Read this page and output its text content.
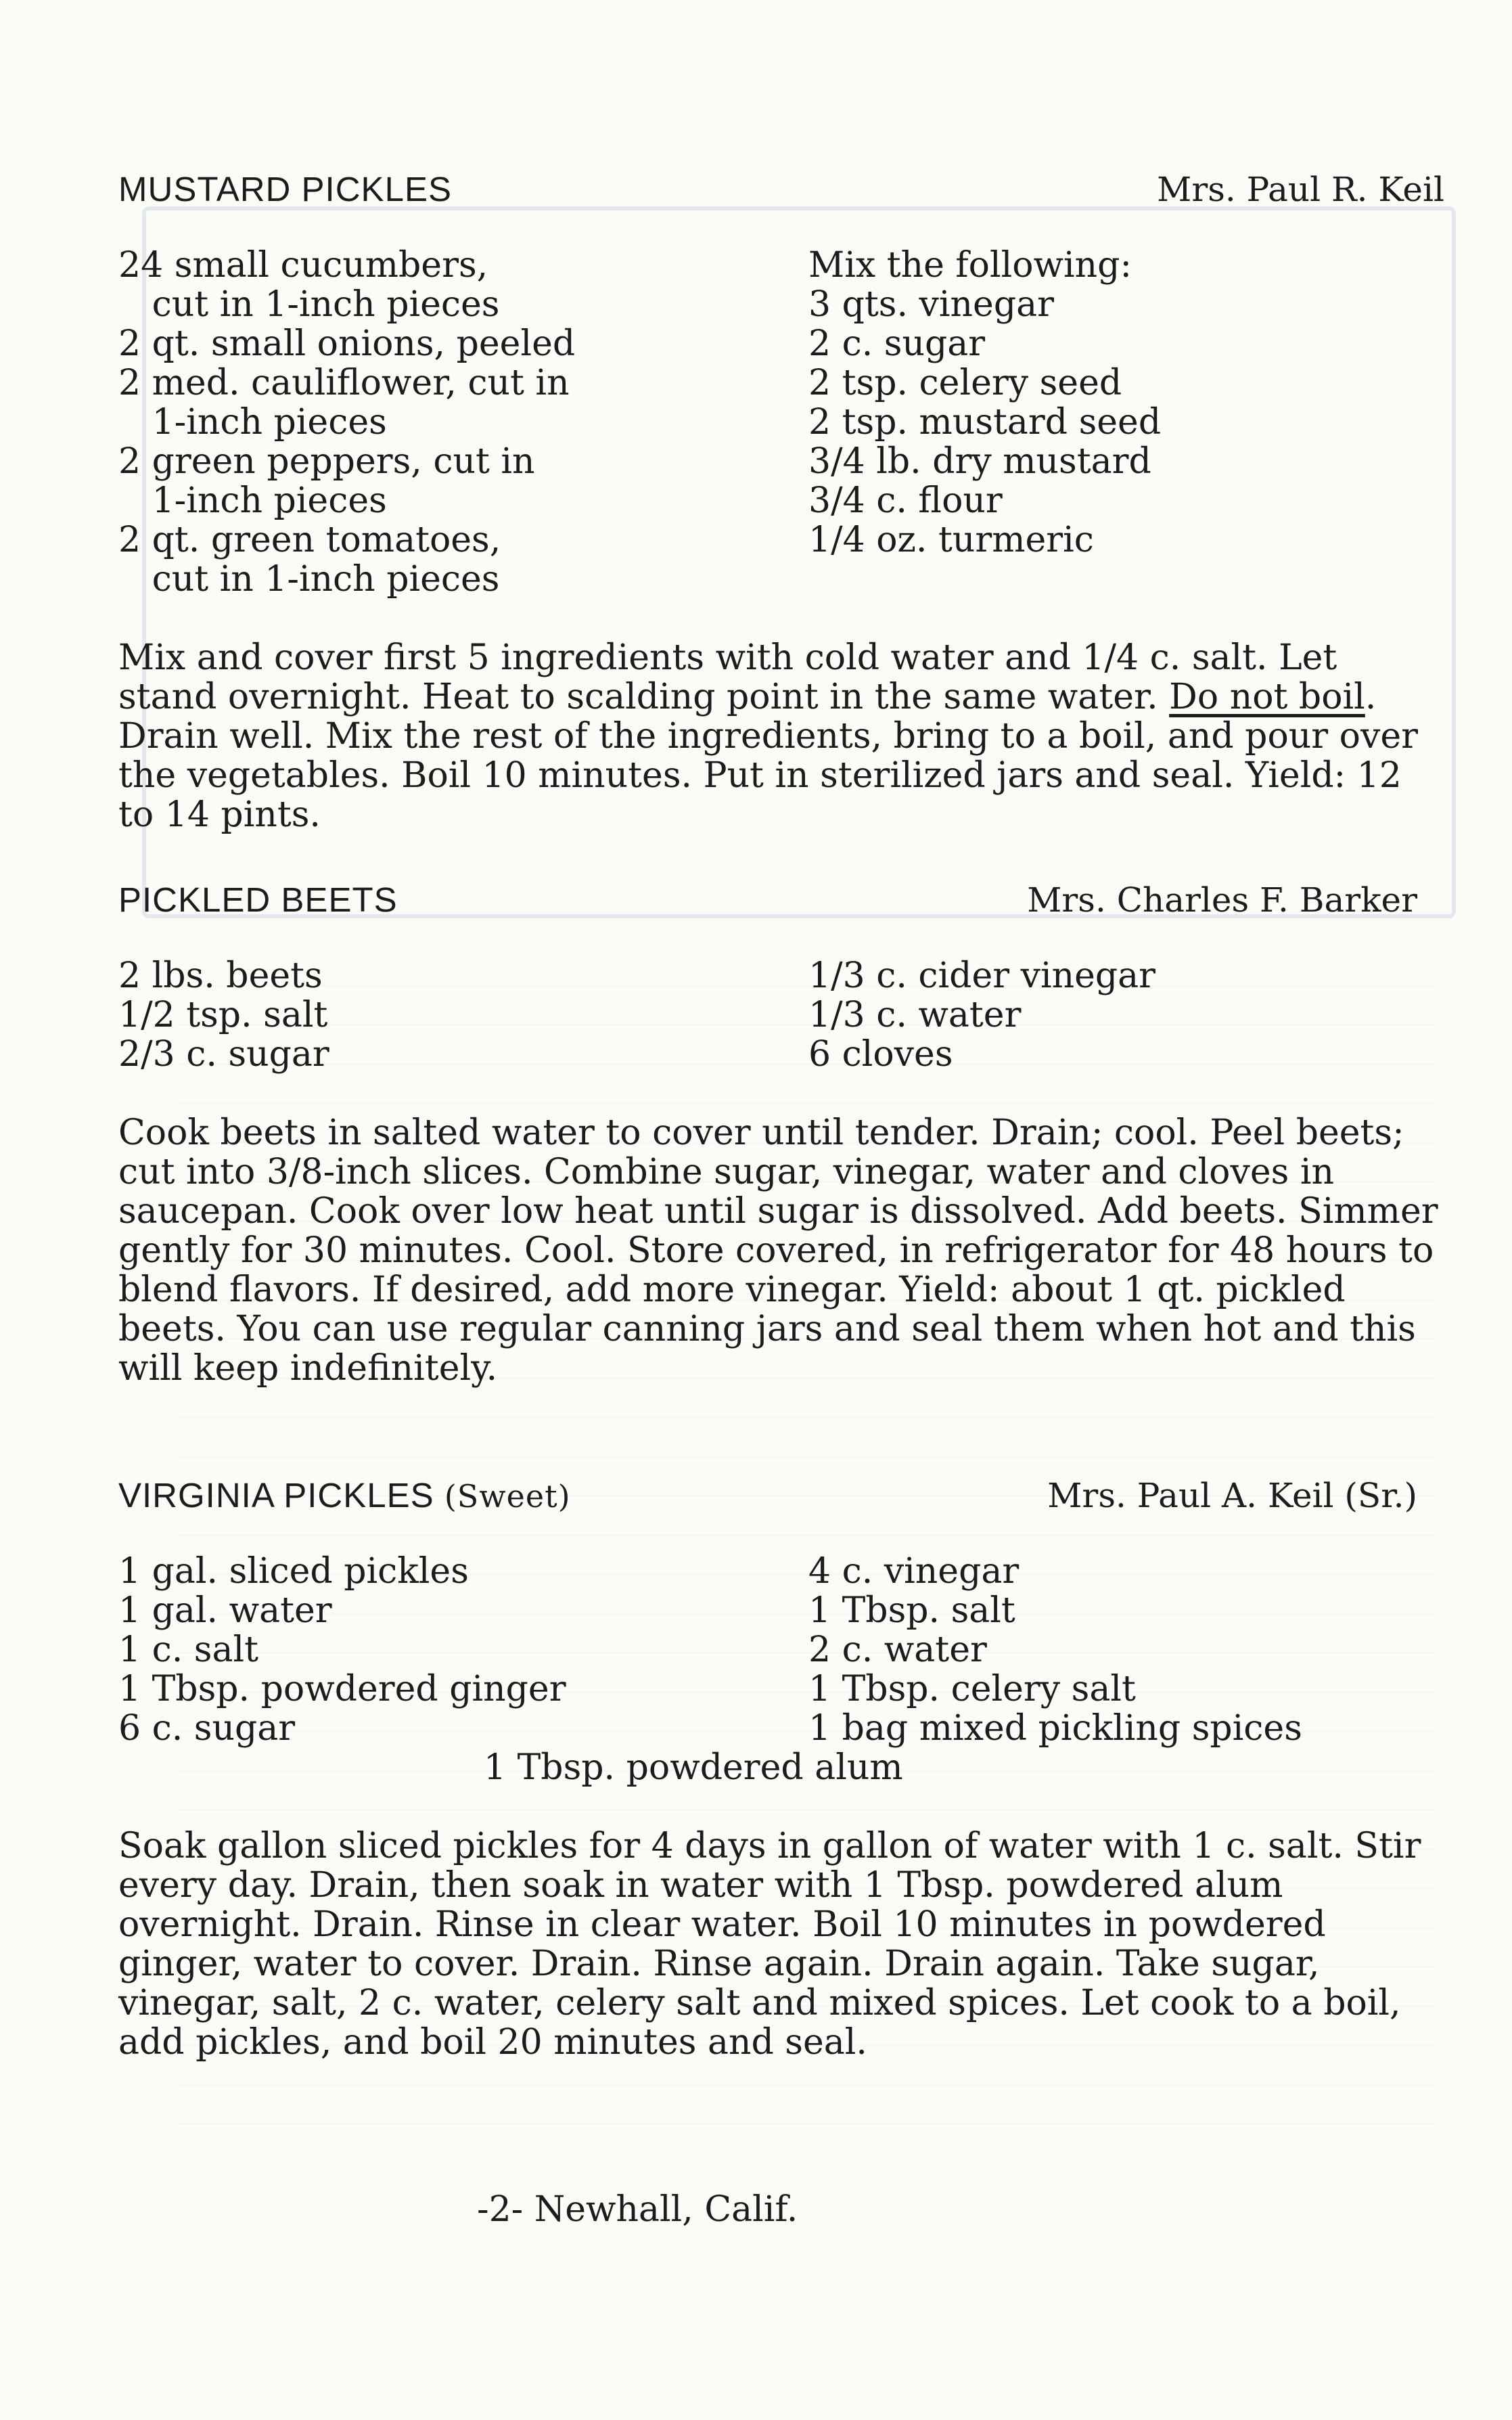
MUSTARD PICKLES	Mrs. Paul R. Keil
24 small cucumbers,
cut in 1-inch pieces
2 qt. small onions, peeled
2 med. cauliflower, cut in
1-inch pieces
2 green peppers, cut in
1-inch pieces
2 qt. green tomatoes,
cut in 1-inch pieces
Mix the following:
3 qts. vinegar
2 c. sugar
2 tsp. celery seed
2 tsp. mustard seed
3/4 lb. dry mustard
3/4 c. flour
1/4 oz. turmeric
Mix and cover first 5 ingredients with cold water and 1/4 c. salt. Let stand overnight. Heat to scalding point in the same water. Do not boil. Drain well. Mix the rest of the ingredients, bring to a boil, and pour over the vegetables. Boil 10 minutes. Put in sterilized jars and seal. Yield: 12 to 14 pints.
PICKLED BEETS	Mrs. Charles F. Barker
2 lbs. beets
1/2 tsp. salt
2/3 c. sugar
1/3 c. cider vinegar
1/3 c. water
6 cloves
Cook beets in salted water to cover until tender. Drain; cool. Peel beets; cut into 3/8-inch slices. Combine sugar, vinegar, water and cloves in saucepan. Cook over low heat until sugar is dissolved. Add beets. Simmer gently for 30 minutes. Cool. Store covered, in refrigerator for 48 hours to blend flavors. If desired, add more vinegar. Yield: about 1 qt. pickled beets. You can use regular canning jars and seal them when hot and this will keep indefinitely.
VIRGINIA PICKLES (Sweet)	Mrs. Paul A. Keil (Sr.)
1 gal. sliced pickles
1 gal. water
1 c. salt
1 Tbsp. powdered ginger
6 c. sugar
4 c. vinegar
1 Tbsp. salt
2 c. water
1 Tbsp. celery salt
1 bag mixed pickling spices
1 Tbsp. powdered alum
Soak gallon sliced pickles for 4 days in gallon of water with 1 c. salt. Stir every day. Drain, then soak in water with 1 Tbsp. powdered alum overnight. Drain. Rinse in clear water. Boil 10 minutes in powdered ginger, water to cover. Drain. Rinse again. Drain again. Take sugar, vinegar, salt, 2 c. water, celery salt and mixed spices. Let cook to a boil, add pickles, and boil 20 minutes and seal.
-2- Newhall, Calif.
